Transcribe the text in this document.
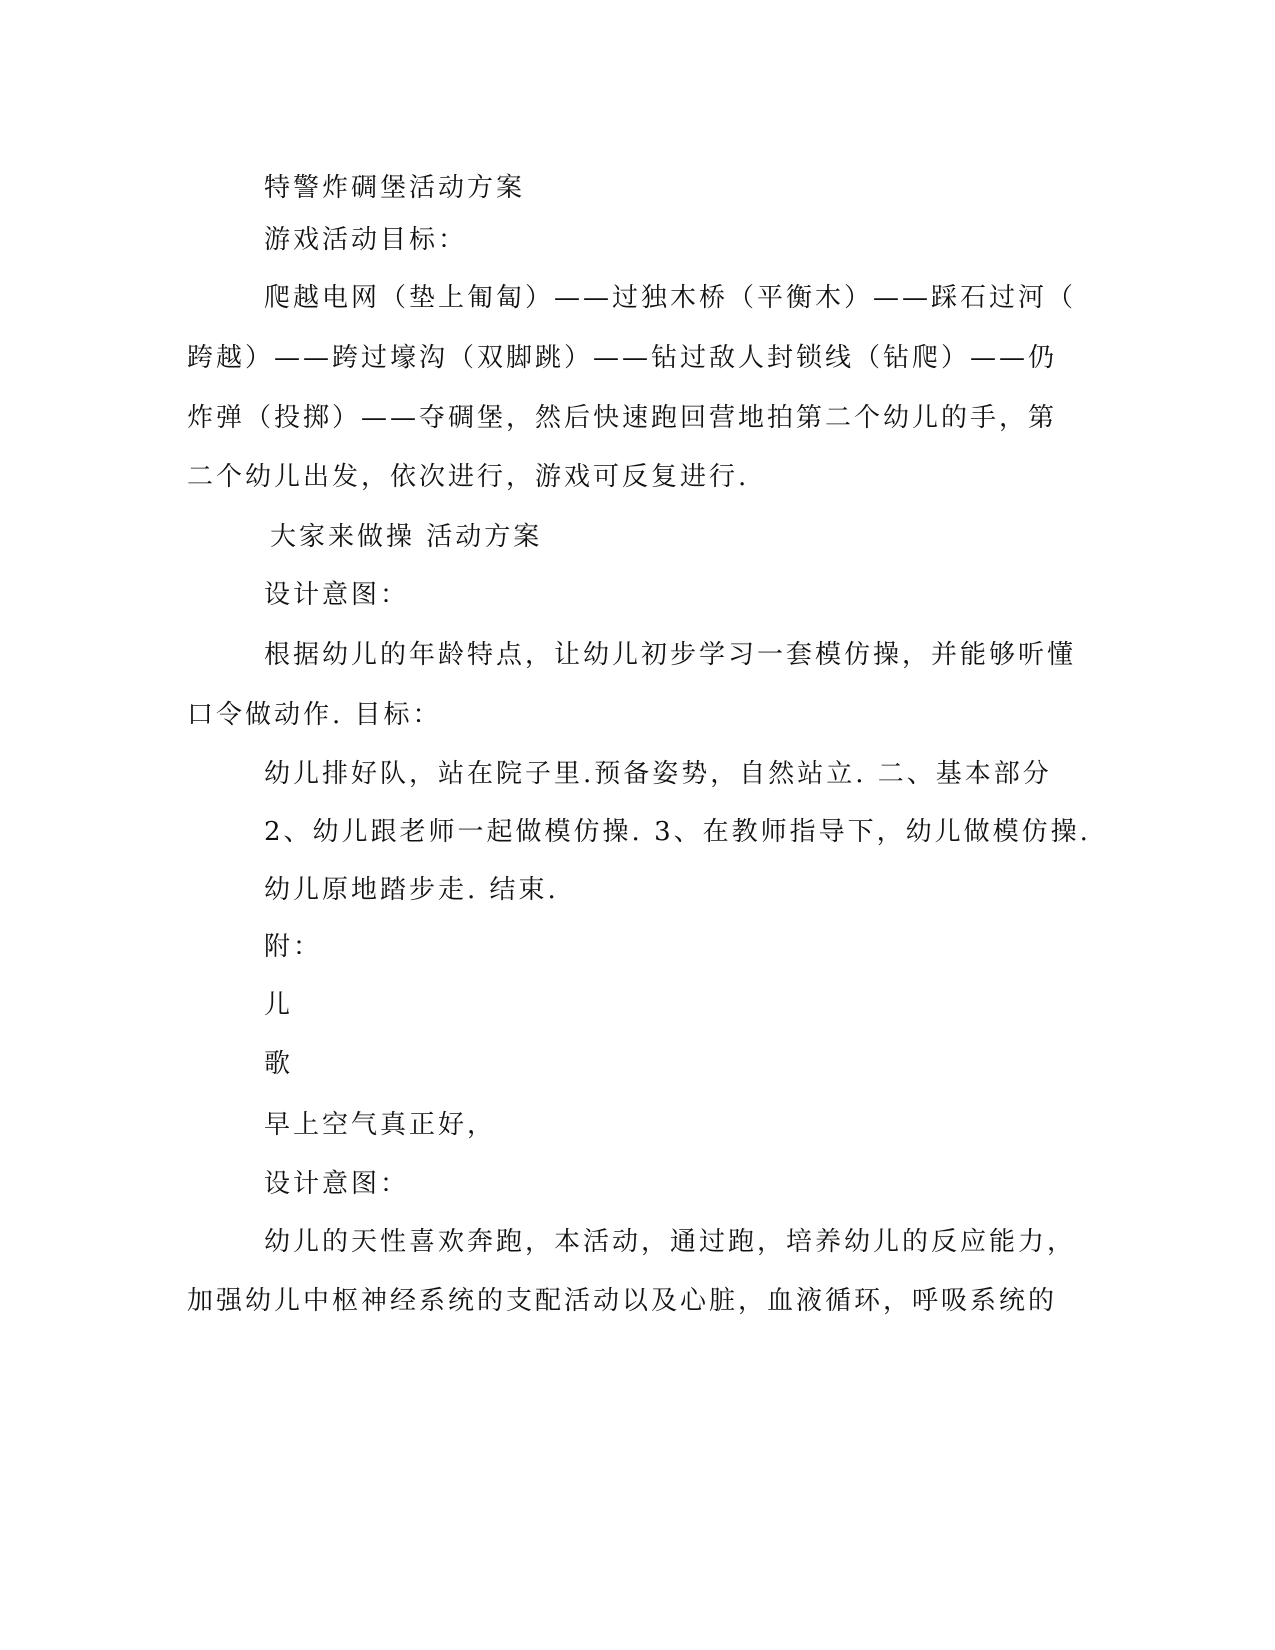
特警炸碉堡活动方案
游戏活动目标：
爬越电网（垫上匍匐）——过独木桥（平衡木）——踩石过河（
跨越）——跨过壕沟（双脚跳）——钻过敌人封锁线（钻爬）——仍
炸弹（投掷）——夺碉堡，然后快速跑回营地拍第二个幼儿的手，第
二个幼儿出发，依次进行，游戏可反复进行.
大家来做操 活动方案
设计意图：
根据幼儿的年龄特点，让幼儿初步学习一套模仿操，并能够听懂
口令做动作. 目标：
幼儿排好队，站在院子里.预备姿势，自然站立. 二、基本部分
2、幼儿跟老师一起做模仿操. 3、在教师指导下，幼儿做模仿操.
幼儿原地踏步走. 结束.
附：
儿
歌
早上空气真正好，
设计意图：
幼儿的天性喜欢奔跑，本活动，通过跑，培养幼儿的反应能力，
加强幼儿中枢神经系统的支配活动以及心脏，血液循环，呼吸系统的
